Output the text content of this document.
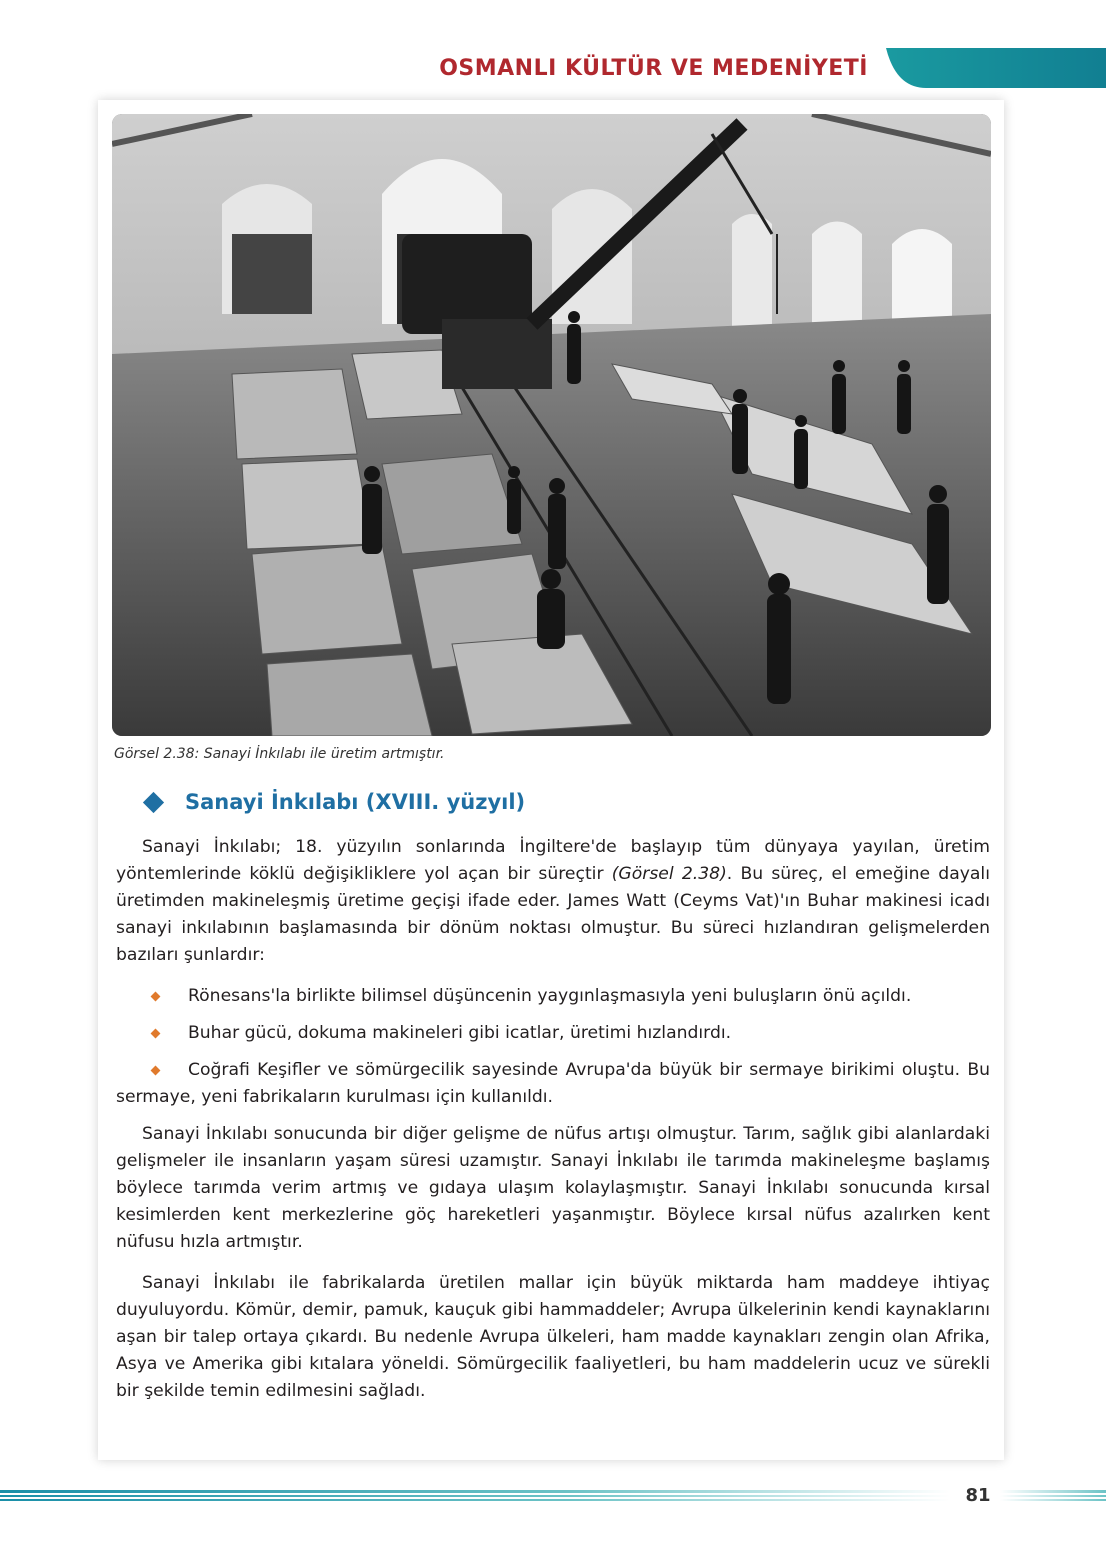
OSMANLI KÜLTÜR VE MEDENİYETİ
Görsel 2.38: Sanayi İnkılabı ile üretim artmıştır.
Sanayi İnkılabı (XVIII. yüzyıl)

Sanayi İnkılabı; 18. yüzyılın sonlarında İngiltere'de başlayıp tüm dünyaya yayılan, üretim yöntemlerinde köklü değişikliklere yol açan bir süreçtir (Görsel 2.38). Bu süreç, el emeğine dayalı üretimden makineleşmiş üretime geçişi ifade eder. James Watt (Ceyms Vat)'ın Buhar makinesi icadı sanayi inkılabının başlamasında bir dönüm noktası olmuştur. Bu süreci hızlandıran gelişmelerden bazıları şunlardır:

Rönesans'la birlikte bilimsel düşüncenin yaygınlaşmasıyla yeni buluşların önü açıldı.
Buhar gücü, dokuma makineleri gibi icatlar, üretimi hızlandırdı.
Coğrafi Keşifler ve sömürgecilik sayesinde Avrupa'da büyük bir sermaye birikimi oluştu. Bu sermaye, yeni fabrikaların kurulması için kullanıldı.

Sanayi İnkılabı sonucunda bir diğer gelişme de nüfus artışı olmuştur. Tarım, sağlık gibi alanlardaki gelişmeler ile insanların yaşam süresi uzamıştır. Sanayi İnkılabı ile tarımda makineleşme başlamış böylece tarımda verim artmış ve gıdaya ulaşım kolaylaşmıştır. Sanayi İnkılabı sonucunda kırsal kesimlerden kent merkezlerine göç hareketleri yaşanmıştır. Böylece kırsal nüfus azalırken kent nüfusu hızla artmıştır.

Sanayi İnkılabı ile fabrikalarda üretilen mallar için büyük miktarda ham maddeye ihtiyaç duyuluyordu. Kömür, demir, pamuk, kauçuk gibi hammaddeler; Avrupa ülkelerinin kendi kaynaklarını aşan bir talep ortaya çıkardı. Bu nedenle Avrupa ülkeleri, ham madde kaynakları zengin olan Afrika, Asya ve Amerika gibi kıtalara yöneldi. Sömürgecilik faaliyetleri, bu ham maddelerin ucuz ve sürekli bir şekilde temin edilmesini sağladı.

81
